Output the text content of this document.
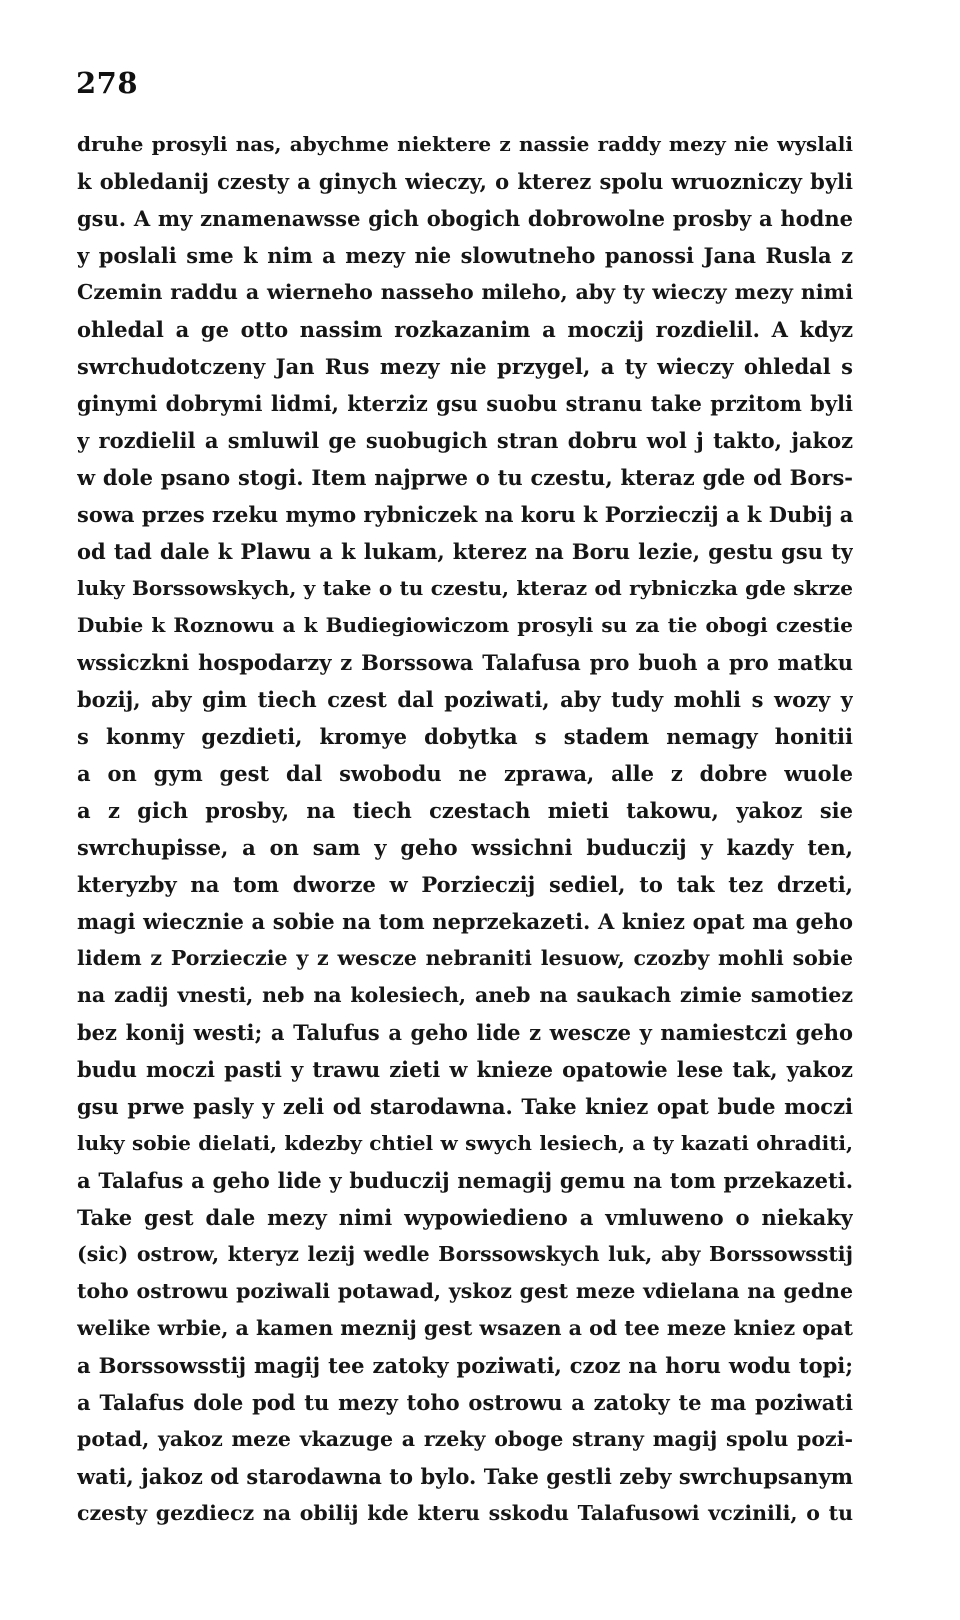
278
druhe prosyli nas, abychme niektere z nassie raddy mezy nie wyslali
k obledanij czesty a ginych wieczy, o kterez spolu wruozniczy byli
gsu. A my znamenawsse gich obogich dobrowolne prosby a hodne
y poslali sme k nim a mezy nie slowutneho panossi Jana Rusla z
Czemin raddu a wierneho nasseho mileho, aby ty wieczy mezy nimi
ohledal a ge otto nassim rozkazanim a moczij rozdielil. A kdyz
swrchudotczeny Jan Rus mezy nie przygel, a ty wieczy ohledal s
ginymi dobrymi lidmi, kterziz gsu suobu stranu take przitom byli
y rozdielil a smluwil ge suobugich stran dobru wol j takto, jakoz
w dole psano stogi. Item najprwe o tu czestu, kteraz gde od Bors-
sowa przes rzeku mymo rybniczek na koru k Porzieczij a k Dubij a
od tad dale k Plawu a k lukam, kterez na Boru lezie, gestu gsu ty
luky Borssowskych, y take o tu czestu, kteraz od rybniczka gde skrze
Dubie k Roznowu a k Budiegiowiczom prosyli su za tie obogi czestie
wssiczkni hospodarzy z Borssowa Talafusa pro buoh a pro matku
bozij, aby gim tiech czest dal poziwati, aby tudy mohli s wozy y
s konmy gezdieti, kromye dobytka s stadem nemagy honitii
a on gym gest dal swobodu ne zprawa, alle z dobre wuole
a z gich prosby, na tiech czestach mieti takowu, yakoz sie
swrchupisse, a on sam y geho wssichni buduczij y kazdy ten,
kteryzby na tom dworze w Porzieczij sediel, to tak tez drzeti,
magi wiecznie a sobie na tom neprzekazeti. A kniez opat ma geho
lidem z Porzieczie y z wescze nebraniti lesuow, czozby mohli sobie
na zadij vnesti, neb na kolesiech, aneb na saukach zimie samotiez
bez konij westi; a Talufus a geho lide z wescze y namiestczi geho
budu moczi pasti y trawu zieti w knieze opatowie lese tak, yakoz
gsu prwe pasly y zeli od starodawna. Take kniez opat bude moczi
luky sobie dielati, kdezby chtiel w swych lesiech, a ty kazati ohraditi,
a Talafus a geho lide y buduczij nemagij gemu na tom przekazeti.
Take gest dale mezy nimi wypowiedieno a vmluweno o niekaky
(sic) ostrow, kteryz lezij wedle Borssowskych luk, aby Borssowsstij
toho ostrowu poziwali potawad, yskoz gest meze vdielana na gedne
welike wrbie, a kamen meznij gest wsazen a od tee meze kniez opat
a Borssowsstij magij tee zatoky poziwati, czoz na horu wodu topi;
a Talafus dole pod tu mezy toho ostrowu a zatoky te ma poziwati
potad, yakoz meze vkazuge a rzeky oboge strany magij spolu pozi-
wati, jakoz od starodawna to bylo. Take gestli zeby swrchupsanym
czesty gezdiecz na obilij kde kteru sskodu Talafusowi vczinili, o tu
